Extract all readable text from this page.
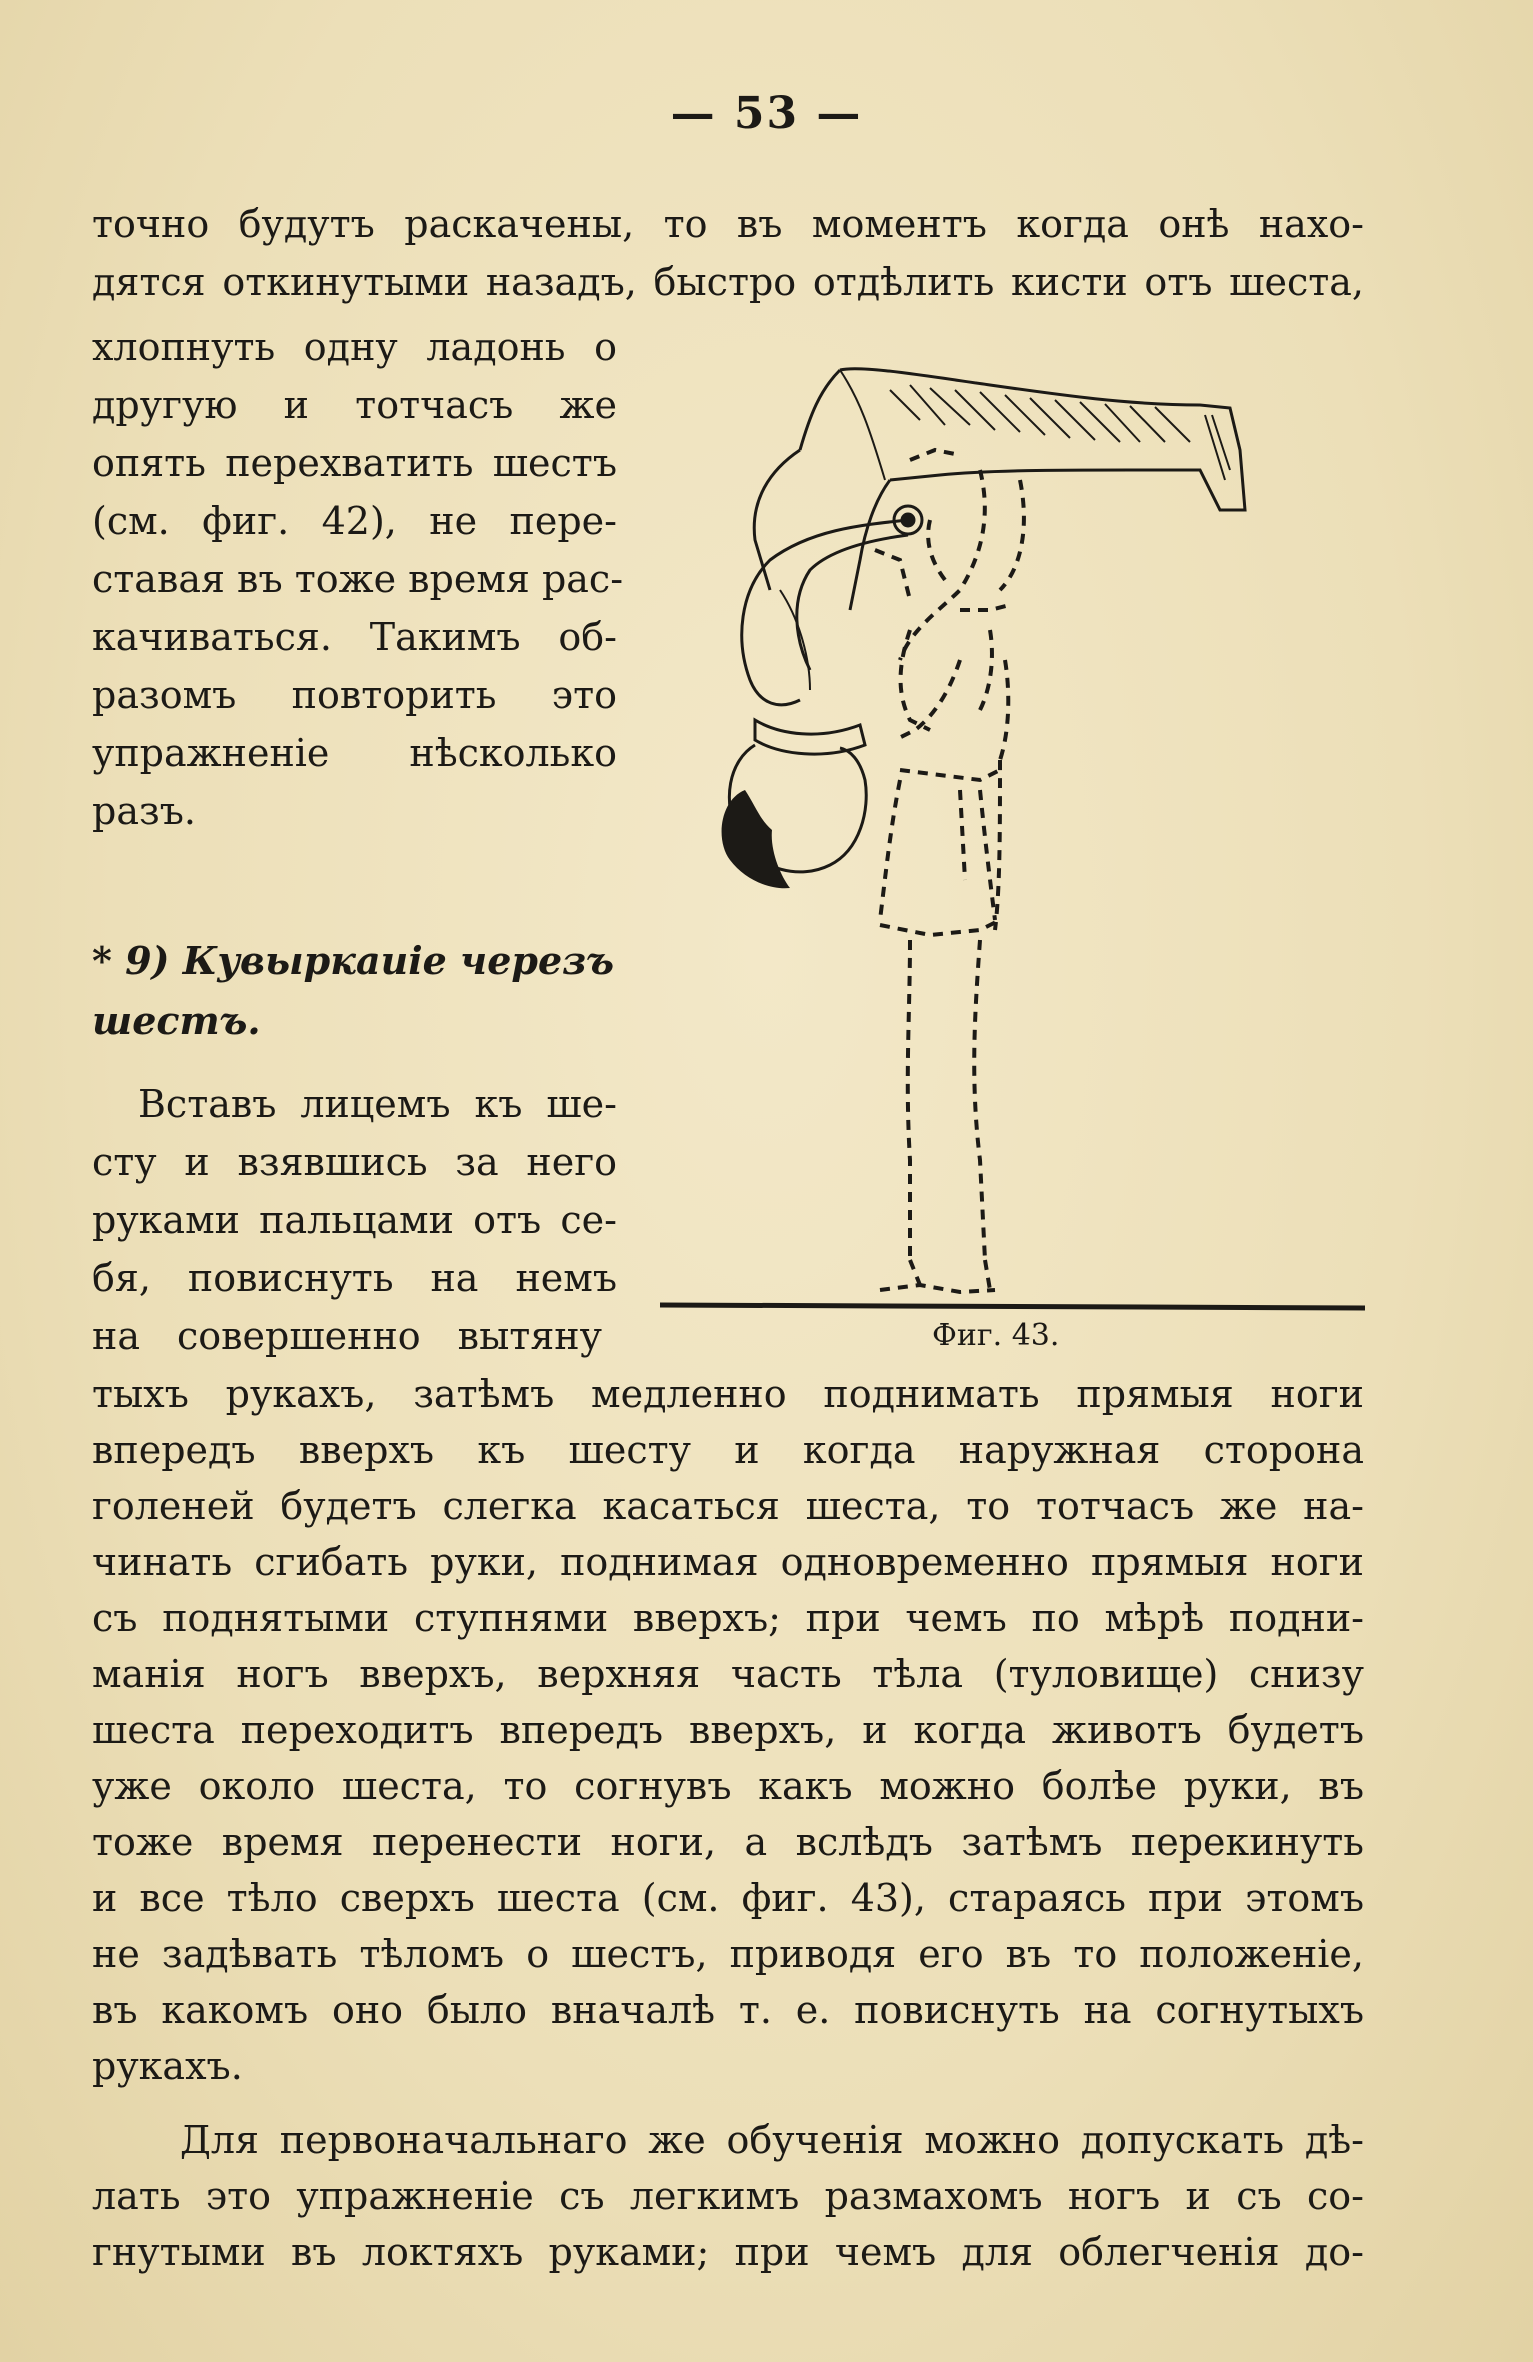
— 53 —
точно будутъ раскачены, то въ моментъ когда онѣ нахо-
дятся откинутыми назадъ, быстро отдѣлить кисти отъ шеста,
хлопнуть одну ладонь о
другую и тотчасъ же
опять перехватить шестъ
(см. фиг. 42), не пере-
ставая въ тоже время рас-
качиваться. Такимъ об-
разомъ повторить это
упражненіе нѣсколько
разъ.
* 9) Кувыркаиіе черезъ
шестъ.
Вставъ лицемъ къ ше-
сту и взявшись за него
руками пальцами отъ се-
бя, повиснуть на немъ
на совершенно вытяну	Фиг. 43.
тыхъ рукахъ, затѣмъ медленно поднимать прямыя ноги
впередъ вверхъ къ шесту и когда наружная сторона
голеней будетъ слегка касаться шеста, то тотчасъ же на-
чинать сгибать руки, поднимая одновременно прямыя ноги
съ поднятыми ступнями вверхъ; при чемъ по мѣрѣ подни-
манія ногъ вверхъ, верхняя часть тѣла (туловище) снизу
шеста переходитъ впередъ вверхъ, и когда животъ будетъ
уже около шеста, то согнувъ какъ можно болѣе руки, въ
тоже время перенести ноги, а вслѣдъ затѣмъ перекинуть
и все тѣло сверхъ шеста (см. фиг. 43), стараясь при этомъ
не задѣвать тѣломъ о шестъ, приводя его въ то положеніе,
въ какомъ оно было вначалѣ т. е. повиснуть на согнутыхъ
рукахъ.
Для первоначальнаго же обученія можно допускать дѣ-
лать это упражненіе съ легкимъ размахомъ ногъ и съ со-
гнутыми въ локтяхъ руками; при чемъ для облегченія до-
